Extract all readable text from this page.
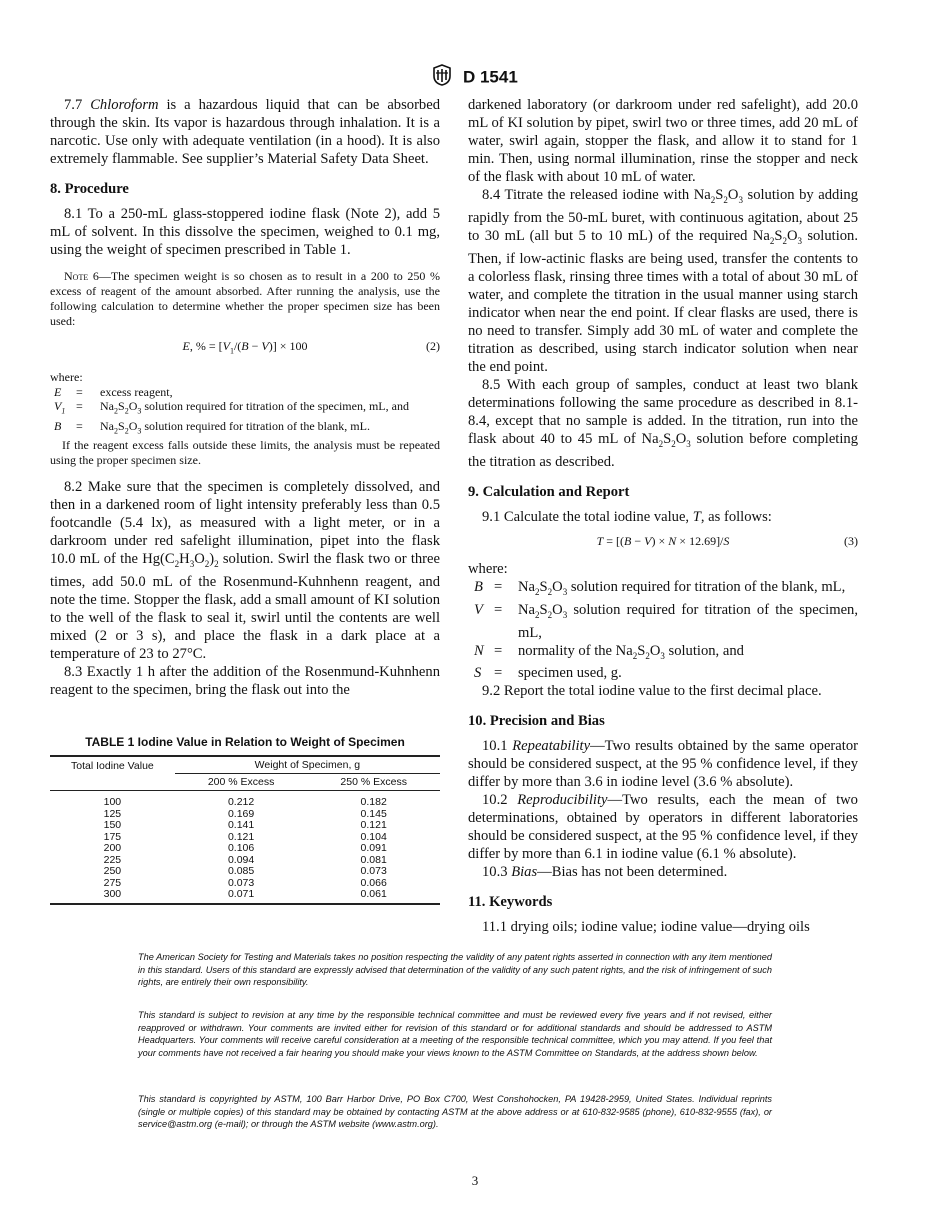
D 1541

7.7 Chloroform is a hazardous liquid that can be absorbed through the skin. Its vapor is hazardous through inhalation. It is a narcotic. Use only with adequate ventilation (in a hood). It is also extremely flammable. See supplier’s Material Safety Data Sheet.

8. Procedure

8.1 To a 250-mL glass-stoppered iodine flask (Note 2), add 5 mL of solvent. In this dissolve the specimen, weighed to 0.1 mg, using the weight of specimen prescribed in Table 1.

Note 6—The specimen weight is so chosen as to result in a 200 to 250 % excess of reagent of the amount absorbed. After running the analysis, use the following calculation to determine whether the proper specimen size has been used:
E, % = $[V_1/(B - V)] \times 100$	(2)
where:
E	=	excess reagent,
$V_1$	=	$Na_2S_2O_3$ solution required for titration of the specimen, mL, and
B	=	$Na_2S_2O_3$ solution required for titration of the blank, mL.
If the reagent excess falls outside these limits, the analysis must be repeated using the proper specimen size.

8.2 Make sure that the specimen is completely dissolved, and then in a darkened room of light intensity preferably less than 0.5 footcandle (5.4 lx), as measured with a light meter, or in a darkroom under red safelight illumination, pipet into the flask 10.0 mL of the $Hg(C_2H_3O_2)_2$ solution. Swirl the flask two or three times, add 50.0 mL of the Rosenmund-Kuhnhenn reagent, and note the time. Stopper the flask, add a small amount of KI solution to the well of the flask to seal it, swirl until the contents are well mixed (2 or 3 s), and place the flask in a dark place at a temperature of 23 to 27°C.

8.3 Exactly 1 h after the addition of the Rosenmund-Kuhnhenn reagent to the specimen, bring the flask out into the

TABLE 1 Iodine Value in Relation to Weight of Specimen
Total Iodine Value	Weight of Specimen, g	
	200 % Excess	250 % Excess

100	0.212	0.182
125	0.169	0.145
150	0.141	0.121
175	0.121	0.104
200	0.106	0.091
225	0.094	0.081
250	0.085	0.073
275	0.073	0.066
300	0.071	0.061

darkened laboratory (or darkroom under red safelight), add 20.0 mL of KI solution by pipet, swirl two or three times, add 20 mL of water, swirl again, stopper the flask, and allow it to stand for 1 min. Then, using normal illumination, rinse the stopper and neck of the flask with about 10 mL of water.

8.4 Titrate the released iodine with $Na_2S_2O_3$ solution by adding rapidly from the 50-mL buret, with continuous agitation, about 25 to 30 mL (all but 5 to 10 mL) of the required $Na_2S_2O_3$ solution. Then, if low-actinic flasks are being used, transfer the contents to a colorless flask, rinsing three times with a total of about 30 mL of water, and complete the titration in the usual manner using starch indicator when near the end point. If clear flasks are used, there is no need to transfer. Simply add 30 mL of water and complete the titration as described, using starch indicator solution when near the end point.

8.5 With each group of samples, conduct at least two blank determinations following the same procedure as described in 8.1-8.4, except that no sample is added. In the titration, run into the flask about 40 to 45 mL of $Na_2S_2O_3$ solution before completing the titration as described.

9. Calculation and Report

9.1 Calculate the total iodine value, T, as follows:

T = [(B − V) × N × 12.69]/S	(3)
where:
B	=	$Na_2S_2O_3$ solution required for titration of the blank, mL,
V	=	$Na_2S_2O_3$ solution required for titration of the specimen, mL,
N	=	normality of the $Na_2S_2O_3$ solution, and
S	=	specimen used, g.

9.2 Report the total iodine value to the first decimal place.

10. Precision and Bias

10.1 Repeatability—Two results obtained by the same operator should be considered suspect, at the 95 % confidence level, if they differ by more than 3.6 in iodine level (3.6 % absolute).

10.2 Reproducibility—Two results, each the mean of two determinations, obtained by operators in different laboratories should be considered suspect, at the 95 % confidence level, if they differ by more than 6.1 in iodine value (6.1 % absolute).

10.3 Bias—Bias has not been determined.

11. Keywords

11.1 drying oils; iodine value; iodine value—drying oils

The American Society for Testing and Materials takes no position respecting the validity of any patent rights asserted in connection with any item mentioned in this standard. Users of this standard are expressly advised that determination of the validity of any such patent rights, and the risk of infringement of such rights, are entirely their own responsibility.
This standard is subject to revision at any time by the responsible technical committee and must be reviewed every five years and if not revised, either reapproved or withdrawn. Your comments are invited either for revision of this standard or for additional standards and should be addressed to ASTM Headquarters. Your comments will receive careful consideration at a meeting of the responsible technical committee, which you may attend. If you feel that your comments have not received a fair hearing you should make your views known to the ASTM Committee on Standards, at the address shown below.
This standard is copyrighted by ASTM, 100 Barr Harbor Drive, PO Box C700, West Conshohocken, PA 19428-2959, United States. Individual reprints (single or multiple copies) of this standard may be obtained by contacting ASTM at the above address or at 610-832-9585 (phone), 610-832-9555 (fax), or service@astm.org (e-mail); or through the ASTM website (www.astm.org).
3
